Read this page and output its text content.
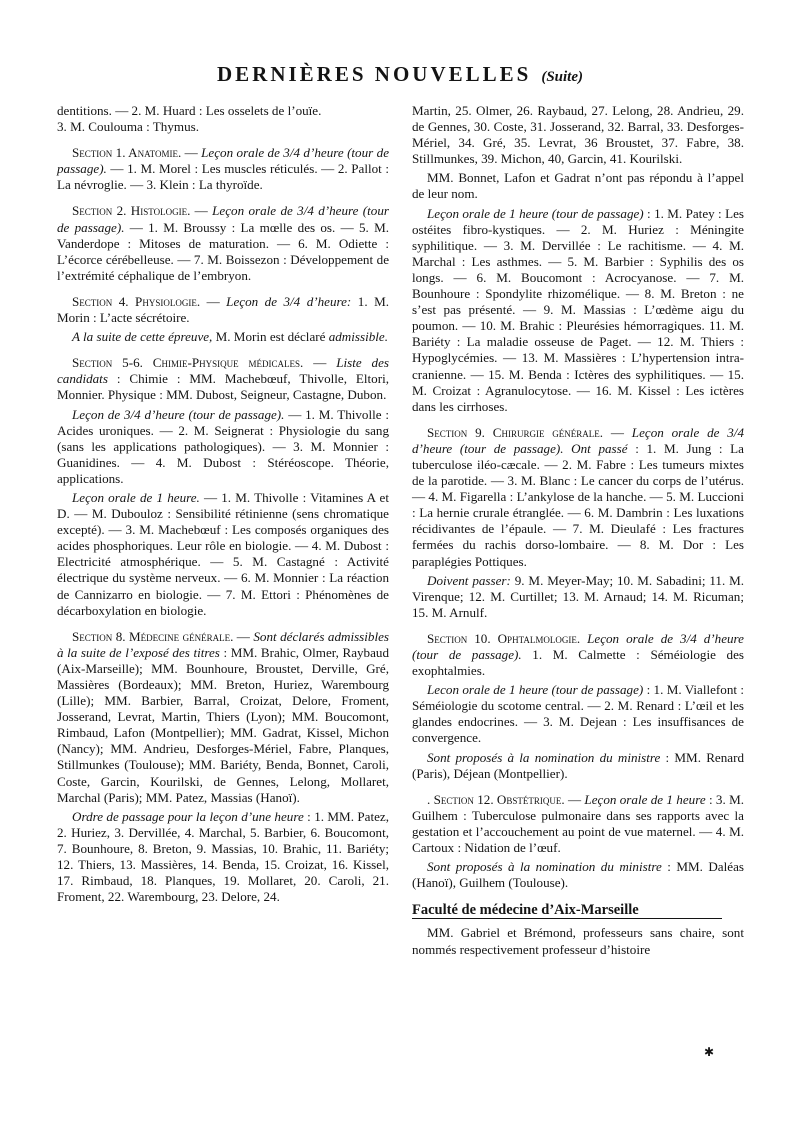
DERNIÈRES NOUVELLES (Suite)

dentitions. — 2. M. Huard : Les osselets de l’ouïe.
3. M. Coulouma : Thymus.

Section 1. Anatomie. — Leçon orale de 3/4 d’heure (tour de passage). — 1. M. Morel : Les muscles réticulés. — 2. Pallot : La névroglie. — 3. Klein : La thyroïde.

Section 2. Histologie. — Leçon orale de 3/4 d’heure (tour de passage). — 1. M. Broussy : La mœlle des os. — 5. M. Vanderdope : Mitoses de maturation. — 6. M. Odiette : L’écorce cérébelleuse. — 7. M. Boissezon : Développement de l’extrémité céphalique de l’embryon.

Section 4. Physiologie. — Leçon de 3/4 d’heure: 1. M. Morin : L’acte sécrétoire.

A la suite de cette épreuve, M. Morin est déclaré admissible.

Section 5-6. Chimie-Physique médicales. — Liste des candidats : Chimie : MM. Machebœuf, Thivolle, Eltori, Monnier. Physique : MM. Dubost, Seigneur, Castagne, Dubon.

Leçon de 3/4 d’heure (tour de passage). — 1. M. Thivolle : Acides uroniques. — 2. M. Seignerat : Physiologie du sang (sans les applications pathologiques). — 3. M. Monnier : Guanidines. — 4. M. Dubost : Stéréoscope. Théorie, applications.

Leçon orale de 1 heure. — 1. M. Thivolle : Vitamines A et D. — M. Dubouloz : Sensibilité rétinienne (sens chromatique excepté). — 3. M. Machebœuf : Les composés organiques des acides phosphoriques. Leur rôle en biologie. — 4. M. Dubost : Electricité atmosphérique. — 5. M. Castagné : Activité électrique du système nerveux. — 6. M. Monnier : La réaction de Cannizarro en biologie. — 7. M. Ettori : Phénomènes de décarboxylation en biologie.

Section 8. Médecine générale. — Sont déclarés admissibles à la suite de l’exposé des titres : MM. Brahic, Olmer, Raybaud (Aix-Marseille); MM. Bounhoure, Broustet, Derville, Gré, Massières (Bordeaux); MM. Breton, Huriez, Warembourg (Lille); MM. Barbier, Barral, Croizat, Delore, Froment, Josserand, Levrat, Martin, Thiers (Lyon); MM. Boucomont, Rimbaud, Lafon (Montpellier); MM. Gadrat, Kissel, Michon (Nancy); MM. Andrieu, Desforges-Mériel, Fabre, Planques, Stillmunkes (Toulouse); MM. Bariéty, Benda, Bonnet, Caroli, Coste, Garcin, Kourilski, de Gennes, Lelong, Mollaret, Marchal (Paris); MM. Patez, Massias (Hanoï).

Ordre de passage pour la leçon d’une heure : 1. MM. Patez, 2. Huriez, 3. Dervillée, 4. Marchal, 5. Barbier, 6. Boucomont, 7. Bounhoure, 8. Breton, 9. Massias, 10. Brahic, 11. Bariéty; 12. Thiers, 13. Massières, 14. Benda, 15. Croizat, 16. Kissel, 17. Rimbaud, 18. Planques, 19. Mollaret, 20. Caroli, 21. Froment, 22. Warembourg, 23. Delore, 24.

Martin, 25. Olmer, 26. Raybaud, 27. Lelong, 28. Andrieu, 29. de Gennes, 30. Coste, 31. Josserand, 32. Barral, 33. Desforges-Mériel, 34. Gré, 35. Levrat, 36 Broustet, 37. Fabre, 38. Stillmunkes, 39. Michon, 40, Garcin, 41. Kourilski.

MM. Bonnet, Lafon et Gadrat n’ont pas répondu à l’appel de leur nom.

Leçon orale de 1 heure (tour de passage) : 1. M. Patey : Les ostéites fibro-kystiques. — 2. M. Huriez : Méningite syphilitique. — 3. M. Dervillée : Le rachitisme. — 4. M. Marchal : Les asthmes. — 5. M. Barbier : Syphilis des os longs. — 6. M. Boucomont : Acrocyanose. — 7. M. Bounhoure : Spondylite rhizomélique. — 8. M. Breton : ne s’est pas présenté. — 9. M. Massias : L’œdème aigu du poumon. — 10. M. Brahic : Pleurésies hémorragiques. 11. M. Bariéty : La maladie osseuse de Paget. — 12. M. Thiers : Hypoglycémies. — 13. M. Massières : L’hypertension intra-cranienne. — 15. M. Benda : Ictères des syphilitiques. — 15. M. Croizat : Agranulocytose. — 16. M. Kissel : Les ictères dans les cirrhoses.

Section 9. Chirurgie générale. — Leçon orale de 3/4 d’heure (tour de passage). Ont passé : 1. M. Jung : La tuberculose iléo-cæcale. — 2. M. Fabre : Les tumeurs mixtes de la parotide. — 3. M. Blanc : Le cancer du corps de l’utérus. — 4. M. Figarella : L’ankylose de la hanche. — 5. M. Luccioni : La hernie crurale étranglée. — 6. M. Dambrin : Les luxations récidivantes de l’épaule. — 7. M. Dieulafé : Les fractures fermées du rachis dorso-lombaire. — 8. M. Dor : Les paraplégies Pottiques.

Doivent passer: 9. M. Meyer-May; 10. M. Sabadini; 11. M. Virenque; 12. M. Curtillet; 13. M. Arnaud; 14. M. Ricuman; 15. M. Arnulf.

Section 10. Ophtalmologie. Leçon orale de 3/4 d’heure (tour de passage). 1. M. Calmette : Séméiologie des exophtalmies.

Lecon orale de 1 heure (tour de passage) : 1. M. Viallefont : Séméiologie du scotome central. — 2. M. Renard : L’œil et les glandes endocrines. — 3. M. Dejean : Les insuffisances de convergence.

Sont proposés à la nomination du ministre : MM. Renard (Paris), Déjean (Montpellier).

. Section 12. Obstétrique. — Leçon orale de 1 heure : 3. M. Guilhem : Tuberculose pulmonaire dans ses rapports avec la gestation et l’accouchement au point de vue maternel. — 4. M. Cartoux : Nidation de l’œuf.

Sont proposés à la nomination du ministre : MM. Daléas (Hanoï), Guilhem (Toulouse).

Faculté de médecine d’Aix-Marseille

MM. Gabriel et Brémond, professeurs sans chaire, sont nommés respectivement professeur d’histoire

✱
